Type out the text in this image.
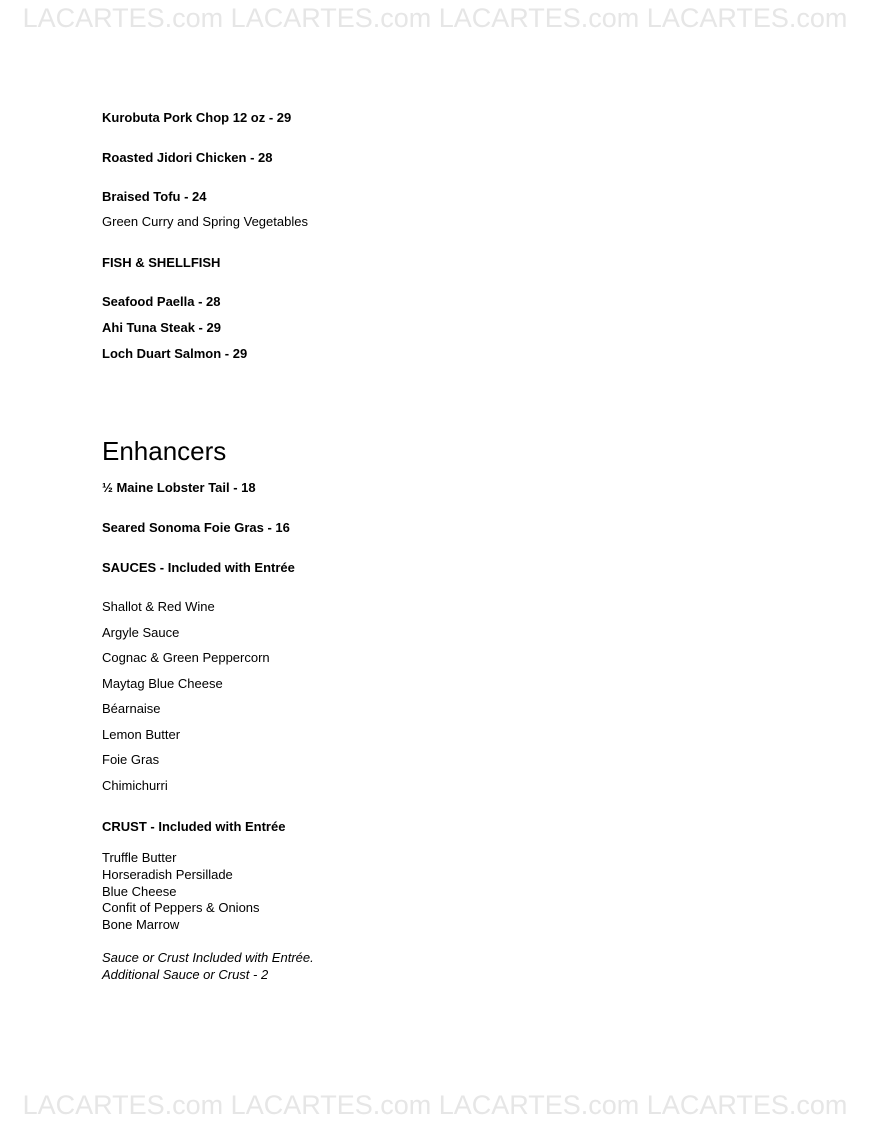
LACARTES.com LACARTES.com LACARTES.com LACARTES.com
Kurobuta Pork Chop 12 oz - 29
Roasted Jidori Chicken - 28
Braised Tofu - 24
Green Curry and Spring Vegetables
FISH & SHELLFISH
Seafood Paella - 28
Ahi Tuna Steak - 29
Loch Duart Salmon - 29
Enhancers
½ Maine Lobster Tail - 18
Seared Sonoma Foie Gras - 16
SAUCES - Included with Entrée
Shallot & Red Wine
Argyle Sauce
Cognac & Green Peppercorn
Maytag Blue Cheese
Béarnaise
Lemon Butter
Foie Gras
Chimichurri
CRUST - Included with Entrée
Truffle Butter
Horseradish Persillade
Blue Cheese
Confit of Peppers & Onions
Bone Marrow
Sauce or Crust Included with Entrée.
Additional Sauce or Crust - 2
LACARTES.com LACARTES.com LACARTES.com LACARTES.com
